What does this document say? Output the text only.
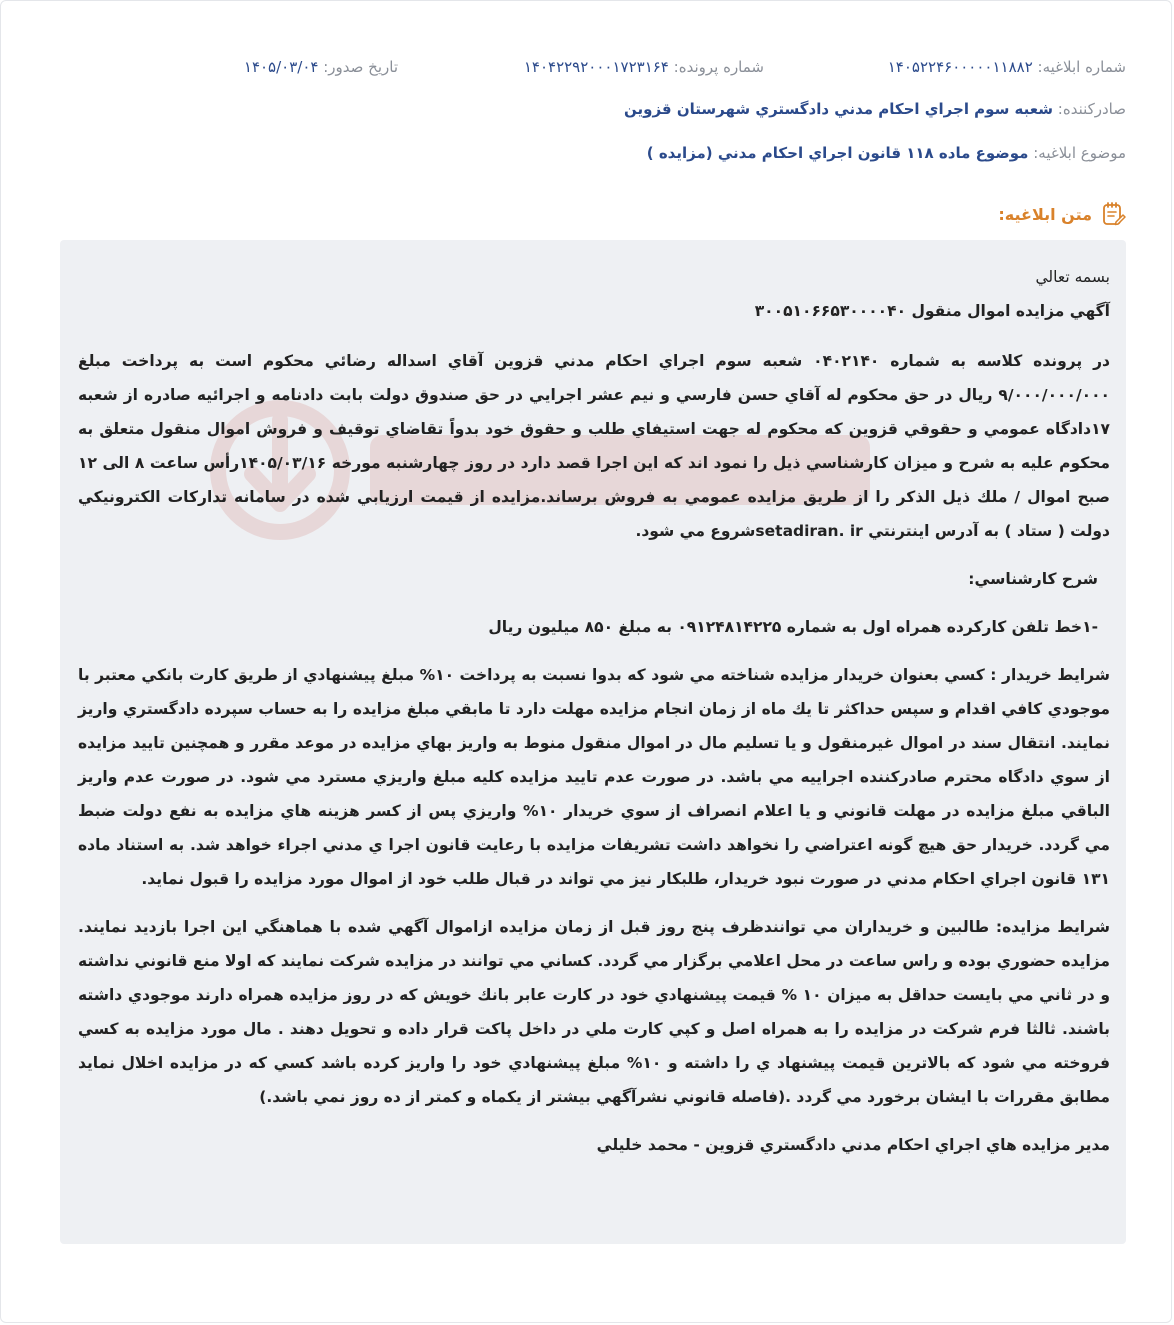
شماره ابلاغیه: ۱۴۰۵۲۲۴۶۰۰۰۰۰۱۱۸۸۲
شماره پرونده: ۱۴۰۴۲۲۹۲۰۰۰۱۷۲۳۱۶۴
تاریخ صدور: ۱۴۰۵/۰۳/۰۴
صادرکننده: شعبه سوم اجراي احكام مدني دادگستري شهرستان قزوين
موضوع ابلاغیه: موضوع ماده ۱۱۸ قانون اجراي احكام مدني (مزايده )
متن ابلاغیه:

بسمه تعالي

آگهي مزايده اموال منقول ۳۰۰۵۱۰۶۶۵۳۰۰۰۰۴۰

در پرونده كلاسه به شماره ۰۴۰۲۱۴۰ شعبه سوم اجراي احكام مدني قزوين آقاي اسداله رضائي محكوم است به پرداخت مبلغ ۹/۰۰۰/۰۰۰/۰۰۰ ريال در حق محكوم له آقاي حسن فارسي و نيم عشر اجرايي در حق صندوق دولت بابت دادنامه و اجرائيه صادره از شعبه ۱۷دادگاه عمومي و حقوقي قزوين كه محكوم له جهت استيفاي طلب و حقوق خود بدواً تقاضاي توقيف و فروش اموال منقول متعلق به محكوم عليه به شرح و ميزان كارشناسي ذيل را نمود اند كه اين اجرا قصد دارد در روز چهارشنبه مورخه ۱۴۰۵/۰۳/۱۶رأس ساعت ۸ الی ۱۲ صبح اموال / ملك ذيل الذكر را از طريق مزايده عمومي به فروش برساند.مزايده از قيمت ارزيابي شده در سامانه تداركات الكترونيكي دولت ( ستاد ) به آدرس اينترنتي setadiran. irشروع مي شود.

شرح كارشناسي:

-۱خط تلفن كاركرده همراه اول به شماره ۰۹۱۲۴۸۱۴۲۲۵ به مبلغ ۸۵۰ ميليون ريال

شرايط خريدار : كسي بعنوان خريدار مزايده شناخته مي شود كه بدوا نسبت به پرداخت ۱۰% مبلغ پيشنهادي از طريق كارت بانكي معتبر با موجودي كافي اقدام و سپس حداكثر تا يك ماه از زمان انجام مزايده مهلت دارد تا مابقي مبلغ مزايده را به حساب سپرده دادگستري واريز نمايند. انتقال سند در اموال غيرمنقول و يا تسليم مال در اموال منقول منوط به واريز بهاي مزايده در موعد مقرر و همچنين تاييد مزايده از سوي دادگاه محترم صادركننده اجراييه مي باشد. در صورت عدم تاييد مزايده كليه مبلغ واريزي مسترد مي شود. در صورت عدم واريز الباقي مبلغ مزايده در مهلت قانوني و يا اعلام انصراف از سوي خريدار ۱۰% واريزي پس از كسر هزينه هاي مزايده به نفع دولت ضبط مي گردد. خريدار حق هيچ گونه اعتراضي را نخواهد داشت تشريفات مزايده با رعايت قانون اجرا ي مدني اجراء خواهد شد. به استناد ماده ۱۳۱ قانون اجراي احكام مدني در صورت نبود خريدار، طلبكار نيز مي تواند در قبال طلب خود از اموال مورد مزايده را قبول نمايد.

شرايط مزايده: طالبين و خريداران مي توانندظرف پنج روز قبل از زمان مزايده ازاموال آگهي شده با هماهنگي اين اجرا بازديد نمايند. مزايده حضوري بوده و راس ساعت در محل اعلامي برگزار مي گردد. كساني مي توانند در مزايده شركت نمايند كه اولا منع قانوني نداشته و در ثاني مي بايست حداقل به ميزان ۱۰ % قيمت پيشنهادي خود در كارت عابر بانك خويش كه در روز مزايده همراه دارند موجودي داشته باشند. ثالثا فرم شركت در مزايده را به همراه اصل و كپي كارت ملي در داخل پاكت قرار داده و تحويل دهند . مال مورد مزايده به كسي فروخته مي شود كه بالاترين قيمت پيشنهاد ي را داشته و ۱۰% مبلغ پيشنهادي خود را واريز كرده باشد كسي كه در مزايده اخلال نمايد مطابق مقررات با ايشان برخورد مي گردد .(فاصله قانوني نشرآگهي بيشتر از يكماه و كمتر از ده روز نمي باشد.)

مدير مزايده هاي اجراي احكام مدني دادگستري قزوين - محمد خليلي
